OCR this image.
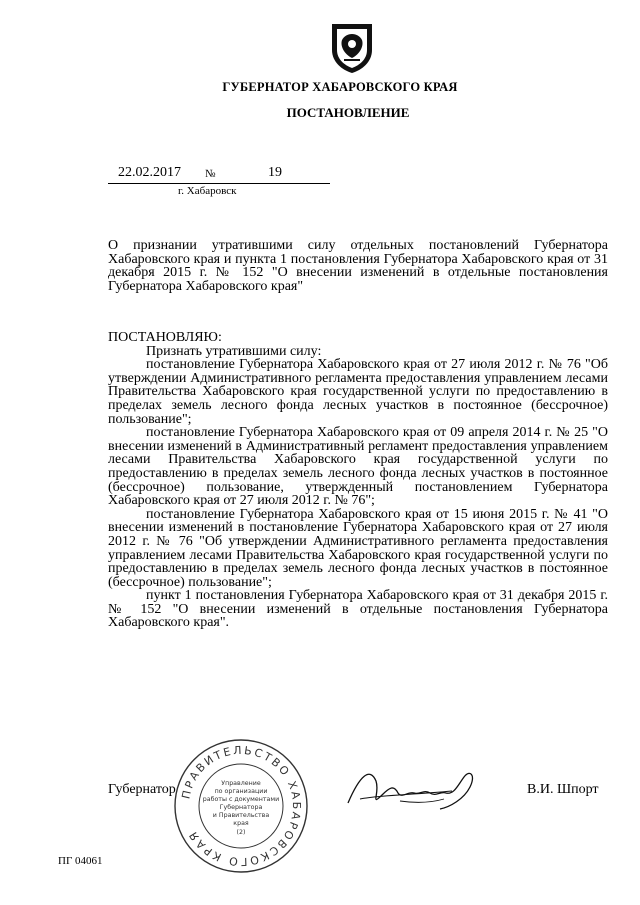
ГУБЕРНАТОР ХАБАРОВСКОГО КРАЯ
ПОСТАНОВЛЕНИЕ
22.02.2017 №	19
г. Хабаровск
О признании утратившими силу отдельных постановлений Губернатора Хабаровского края и пункта 1 постановления Губернатора Хабаровского края от 31 декабря 2015 г. № 152 "О внесении изменений в отдельные постановления Губернатора Хабаровского края"

ПОСТАНОВЛЯЮ:

Признать утратившими силу:

постановление Губернатора Хабаровского края от 27 июля 2012 г. № 76 "Об утверждении Административного регламента предоставления управлением лесами Правительства Хабаровского края государственной услуги по предоставлению в пределах земель лесного фонда лесных участков в постоянное (бессрочное) пользование";

постановление Губернатора Хабаровского края от 09 апреля 2014 г. № 25 "О внесении изменений в Административный регламент предоставления управлением лесами Правительства Хабаровского края государственной услуги по предоставлению в пределах земель лесного фонда лесных участков в постоянное (бессрочное) пользование, утвержденный постановлением Губернатора Хабаровского края от 27 июля 2012 г. № 76";

постановление Губернатора Хабаровского края от 15 июня 2015 г. № 41 "О внесении изменений в постановление Губернатора Хабаровского края от 27 июля 2012 г. № 76 "Об утверждении Административного регламента предоставления управлением лесами Правительства Хабаровского края государственной услуги по предоставлению в пределах земель лесного фонда лесных участков в постоянное (бессрочное) пользование";

пункт 1 постановления Губернатора Хабаровского края от 31 декабря 2015 г. № 152 "О внесении изменений в отдельные постановления Губернатора Хабаровского края".

Губернатор	В.И. Шпорт
ПРАВИТЕЛЬСТВО ХАБАРОВСКОГО КРАЯ
Управление
по организации
работы с документами
Губернатора
и Правительства
края
(2)
ПГ 04061
